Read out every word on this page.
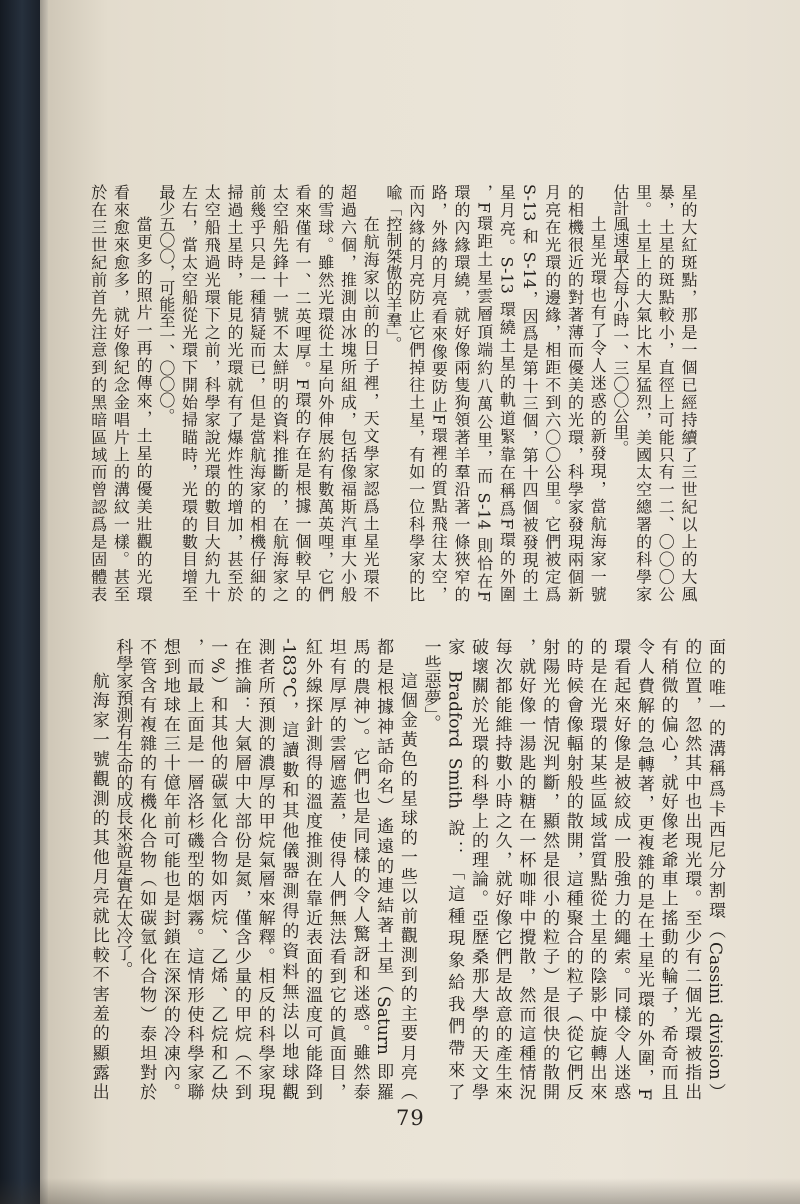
星的大紅斑點，那是一個已經持續了三世紀以上的大風
暴，土星的斑點較小，直徑上可能只有一二、〇〇〇公
里。土星上的大氣比木星猛烈，美國太空總署的科學家
估計風速最大每小時一、三〇〇公里。
土星光環也有了令人迷惑的新發現，當航海家一號
的相機很近的對著薄而優美的光環，科學家發現兩個新
月亮在光環的邊緣，相距不到六〇〇公里。它們被定爲
S-13 和 S-14，因爲是第十三個，第十四個被發現的土
星月亮。S-13 環繞土星的軌道緊靠在稱爲F環的外圍
，F環距土星雲層頂端約八萬公里，而 S-14 則恰在F
環的內緣環繞，就好像兩隻狗領著羊羣沿著一條狹窄的
路，外緣的月亮看來像要防止F環裡的質點飛往太空，
而內緣的月亮防止它們掉往土星，有如一位科學家的比
喩「控制桀傲的羊羣」。
在航海家以前的日子裡，天文學家認爲土星光環不
超過六個，推測由冰塊所組成，包括像福斯汽車大小般
的雪球。雖然光環從土星向外伸展約有數萬英哩，它們
看來僅有一、二英哩厚。F環的存在是根據一個較早的
太空船先鋒十一號不太鮮明的資料推斷的，在航海家之
前幾乎只是一種猜疑而已，但是當航海家的相機仔細的
掃過土星時，能見的光環就有了爆炸性的增加，甚至於
太空船飛過光環下之前，科學家說光環的數目大約九十
左右，當太空船從光環下開始掃瞄時，光環的數目增至
最少五〇〇，可能至一、〇〇〇。
當更多的照片一再的傳來，土星的優美壯觀的光環
看來愈來愈多，就好像紀念金唱片上的溝紋一樣。甚至
於在三世紀前首先注意到的黑暗區域而曾認爲是固體表
面的唯一的溝稱爲卡西尼分割環（Cassini division）
的位置，忽然其中也出現光環。至少有二個光環被指出
有稍微的偏心，就好像老爺車上搖動的輪子，希奇而且
令人費解的急轉著，更複雜的是在土星光環的外圍，F
環看起來好像是被絞成一股強力的繩索。同樣令人迷惑
的是在光環的某些區域當質點從土星的陰影中旋轉出來
的時候會像輻射般的散開，這種聚合的粒子（從它們反
射陽光的情況判斷，顯然是很小的粒子）是很快的散開
，就好像一湯匙的糖在一杯咖啡中攪散，然而這種情況
每次都能維持數小時之久，就好像它們是故意的產生來
破壞關於光環的科學上的理論。亞歷桑那大學的天文學
家 Bradford Smith 說：「這種現象給我們帶來了
一些惡夢」。
這個金黃色的星球的一些以前觀測到的主要月亮（
都是根據神話命名）遙遠的連結著土星（Saturn 即羅
馬的農神）。它們也是同樣的令人驚訝和迷惑。雖然泰
坦有厚厚的雲層遮蓋，使得人們無法看到它的眞面目，
紅外線探針測得的溫度推測在靠近表面的溫度可能降到
-183°C，這讀數和其他儀器測得的資料無法以地球觀
測者所預測的濃厚的甲烷氣層來解釋。相反的科學家現
在推論：大氣層中大部份是氮，僅含少量的甲烷（不到
一%）和其他的碳氫化合物如丙烷、乙烯、乙烷和乙炔
，而最上面是一層洛杉磯型的烟霧。這情形使科學家聯
想到地球在三十億年前可能也是封鎖在深深的冷凍內。
不管含有複雜的有機化合物（如碳氫化合物）泰坦對於
科學家預測有生命的成長來說是實在太冷了。
航海家一號觀測的其他月亮就比較不害羞的顯露出
79
